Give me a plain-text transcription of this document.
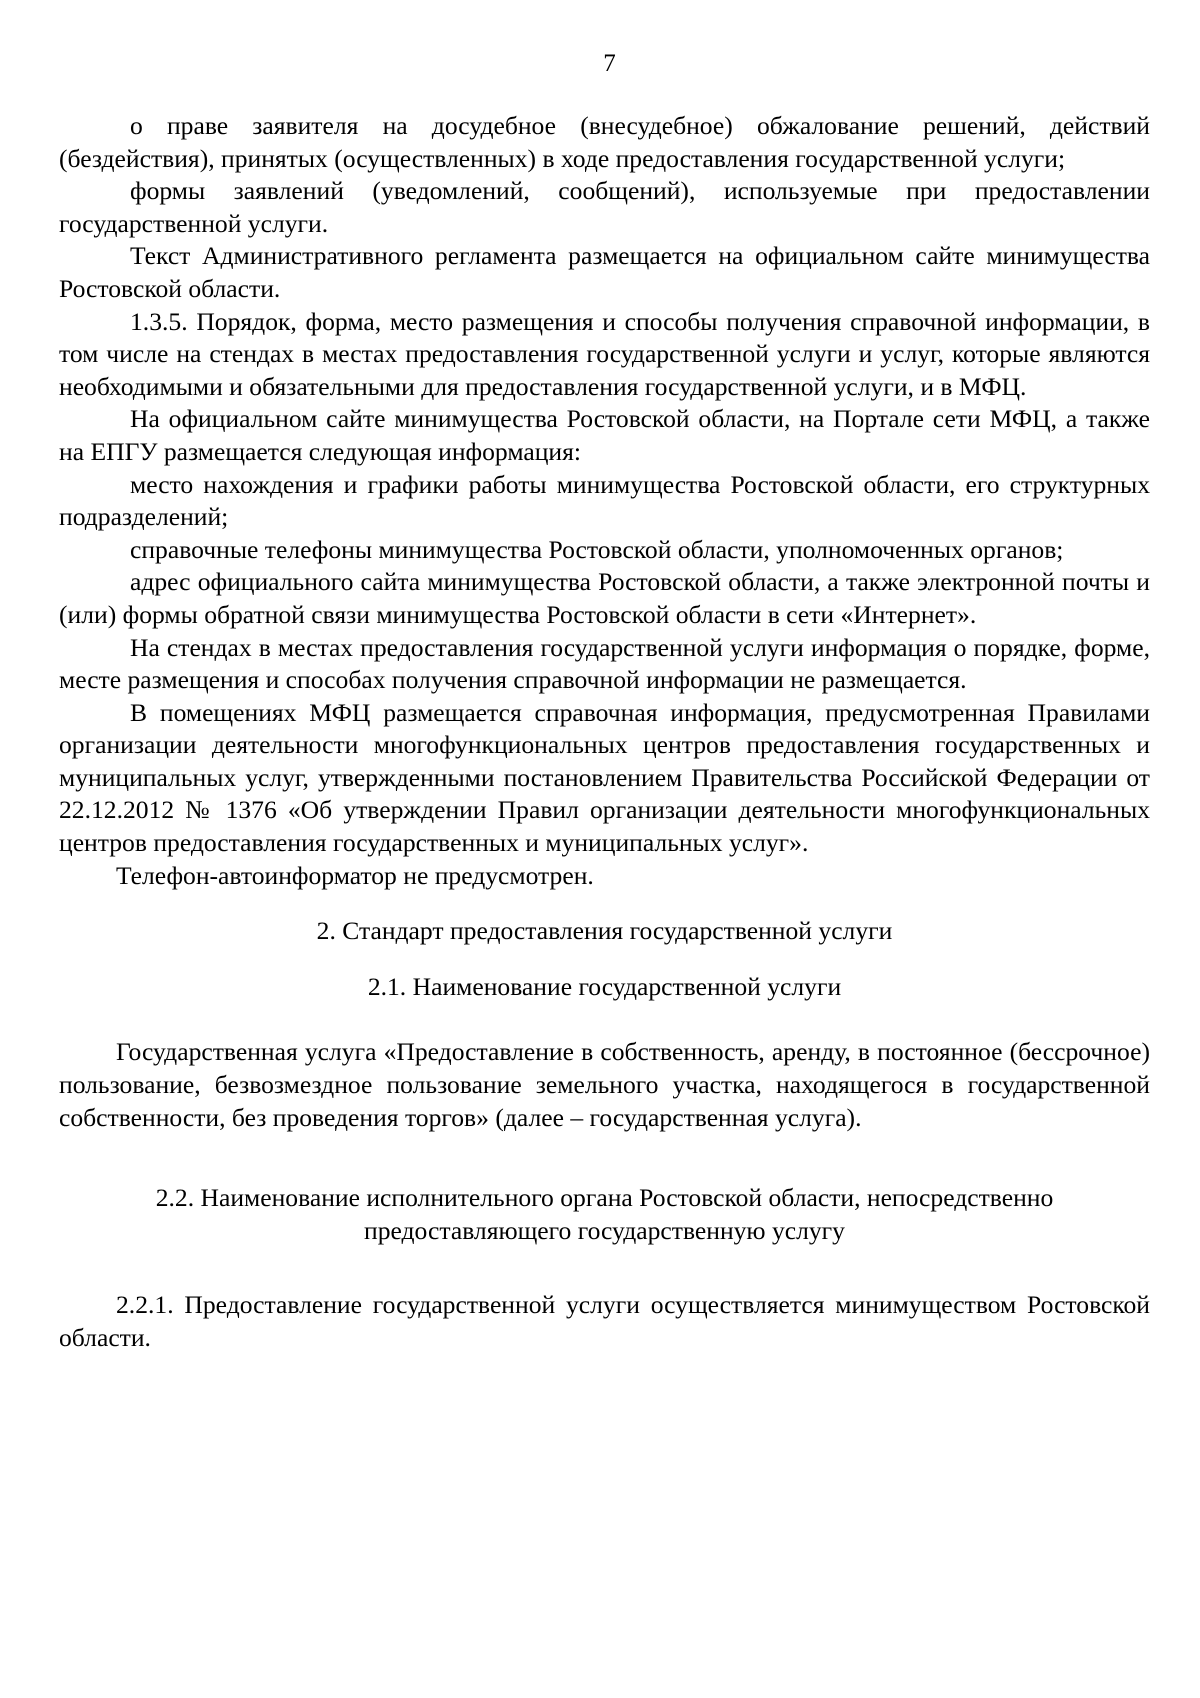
7

о праве заявителя на досудебное (внесудебное) обжалование решений, действий (бездействия), принятых (осуществленных) в ходе предоставления государственной услуги;

формы заявлений (уведомлений, сообщений), используемые при предоставлении государственной услуги.

Текст Административного регламента размещается на официальном сайте минимущества Ростовской области.

1.3.5. Порядок, форма, место размещения и способы получения справочной информации, в том числе на стендах в местах предоставления государственной услуги и услуг, которые являются необходимыми и обязательными для предоставления государственной услуги, и в МФЦ.

На официальном сайте минимущества Ростовской области, на Портале сети МФЦ, а также на ЕПГУ размещается следующая информация:

место нахождения и графики работы минимущества Ростовской области, его структурных подразделений;

справочные телефоны минимущества Ростовской области, уполномоченных органов;

адрес официального сайта минимущества Ростовской области, а также электронной почты и (или) формы обратной связи минимущества Ростовской области в сети «Интернет».

На стендах в местах предоставления государственной услуги информация о порядке, форме, месте размещения и способах получения справочной информации не размещается.

В помещениях МФЦ размещается справочная информация, предусмотренная Правилами организации деятельности многофункциональных центров предоставления государственных и муниципальных услуг, утвержденными постановлением Правительства Российской Федерации от 22.12.2012 № 1376 «Об утверждении Правил организации деятельности многофункциональных центров предоставления государственных и муниципальных услуг».

Телефон-автоинформатор не предусмотрен.

2. Стандарт предоставления государственной услуги

2.1. Наименование государственной услуги

Государственная услуга «Предоставление в собственность, аренду, в постоянное (бессрочное) пользование, безвозмездное пользование земельного участка, находящегося в государственной собственности, без проведения торгов» (далее – государственная услуга).

2.2. Наименование исполнительного органа Ростовской области, непосредственно

предоставляющего государственную услугу

2.2.1. Предоставление государственной услуги осуществляется минимуществом Ростовской области.
